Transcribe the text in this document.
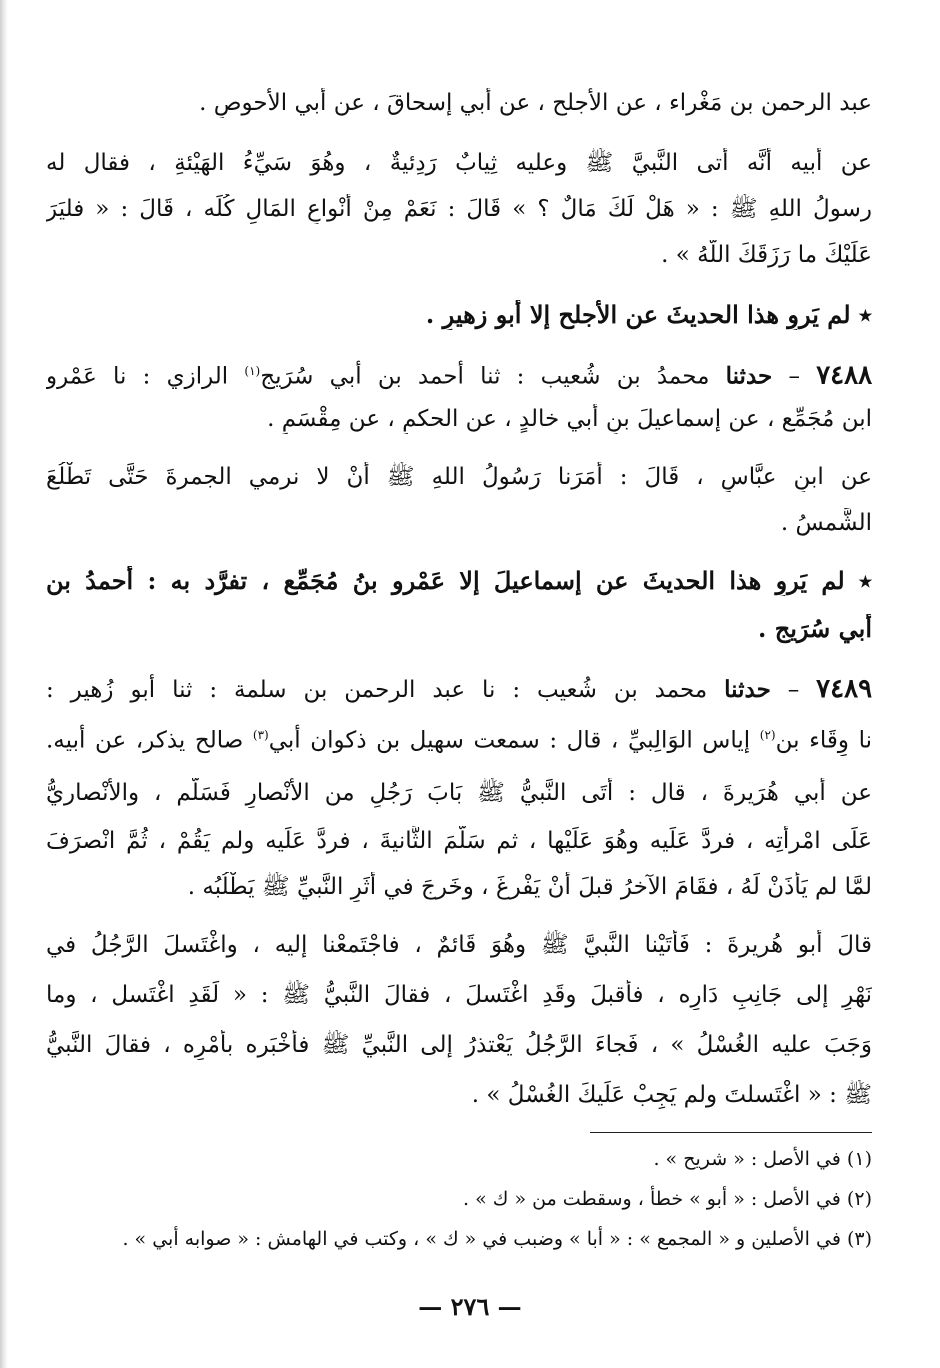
عبد الرحمن بن مَغْراء ، عن الأجلح ، عن أبي إسحاقَ ، عن أبي الأحوصِ .
عن أبيه أنَّه أتى النَّبيَّ ﷺ وعليه ثِيابٌ رَدِئيةٌ ، وهُوَ سَيِّءُ الهَيْئةِ ، فقال له
رسولُ اللهِ ﷺ : « هَلْ لَكَ مَالٌ ؟ » قَالَ : نَعَمْ مِنْ أَنْواعِ المَالِ كُلِّه ، قَالَ : « فليَرَ
عَلَيْكَ ما رَزَقَكَ اللّهُ » .
٭ لم يَروِ هذا الحديثَ عن الأجلحِ إلا أبو زهيرٍ .
٧٤٨٨ – حدثنا محمدُ بن شُعيب : ثنا أحمد بن أبي سُرَيج$^{(١)}$ الرازي : نا عَمْرو
ابن مُجَمِّع ، عن إسماعيلَ بنِ أبي خالدٍ ، عن الحكمِ ، عن مِقْسَمٍ .
عن ابنِ عبَّاسٍ ، قَالَ : أَمَرَنا رَسُولُ اللهِ ﷺ أَنْ لا نرمي الجمرةَ حَتَّى تَطْلُعَ
الشَّمسُ .
٭ لم يَروِ هذا الحديثَ عن إسماعيلَ إلا عَمْرو بنُ مُجَمِّع ، تفرَّد به : أحمدُ بن
أبي سُرَيج .
٧٤٨٩ – حدثنا محمد بن شُعيب : نا عبد الرحمن بن سلمة : ثنا أبو زُهير :
نا وِقَاء بن$^{(٢)}$ إياس الوَالِبيِّ ، قال : سمعت سهيل بن ذكوان أبي$^{(٣)}$ صالح يذكر، عن أبيه.
عن أبي هُرَيرةَ ، قال : أَتَى النَّبيُّ ﷺ بَابَ رَجُلٍ من الأَنْصارِ فَسَلَّم ، والأَنْصاريُّ
عَلَى امْرأَتِه ، فردَّ عَلَيه وهُوَ عَلَيْها ، ثم سَلَّمَ الثَّانيةَ ، فردَّ عَلَيه ولم يَقُمْ ، ثُمَّ انْصرَفَ
لمَّا لم يَأْذَنْ لَهُ ، فقَامَ الآخرُ قبلَ أَنْ يَفْرغَ ، وخَرجَ في أَثَرِ النَّبيِّ ﷺ يَطْلُبُه .
قالَ أَبو هُريرةَ : فَأَتَيْنا النَّبيَّ ﷺ وهُوَ قَائمٌ ، فاجْتَمعْنا إليه ، واغْتَسلَ الرَّجُلُ في
نَهْرٍ إلى جَانِبِ دَارِه ، فأقبلَ وقَدِ اغْتَسلَ ، فقالَ النَّبيُّ ﷺ : « لَقَدِ اغْتَسل ، وما
وَجَبَ عليه الغُسْلُ » ، فَجاءَ الرَّجُلُ يَعْتذرُ إلى النَّبيِّ ﷺ فأَخْبَره بأَمْرِه ، فقالَ النَّبيُّ
ﷺ : « اغْتَسلتَ ولم يَجِبْ عَلَيكَ الغُسْلُ » .
(١) في الأصل : « شريح » .
(٢) في الأصل : « أبو » خطأ ، وسقطت من « ك » .
(٣) في الأصلين و « المجمع » : « أبا » وضبب في « ك » ، وكتب في الهامش : « صوابه أبي » .
— ٢٧٦ —
